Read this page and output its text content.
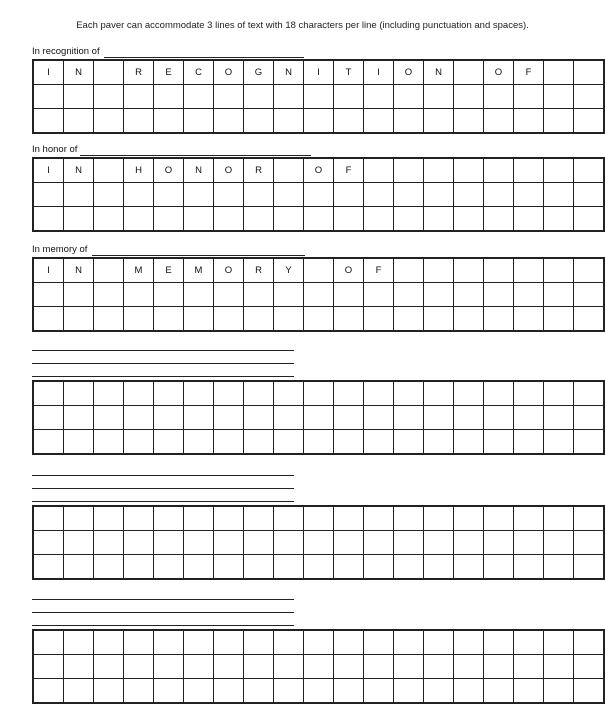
Each paver can accommodate 3 lines of text with 18 characters per line (including punctuation and spaces).
In recognition of
I	N		R	E	C	O	G	N	I	T	I	O	N		O	F		

In honor of
I	N		H	O	N	O	R		O	F								

In memory of
I	N		M	E	M	O	R	Y		O	F							
